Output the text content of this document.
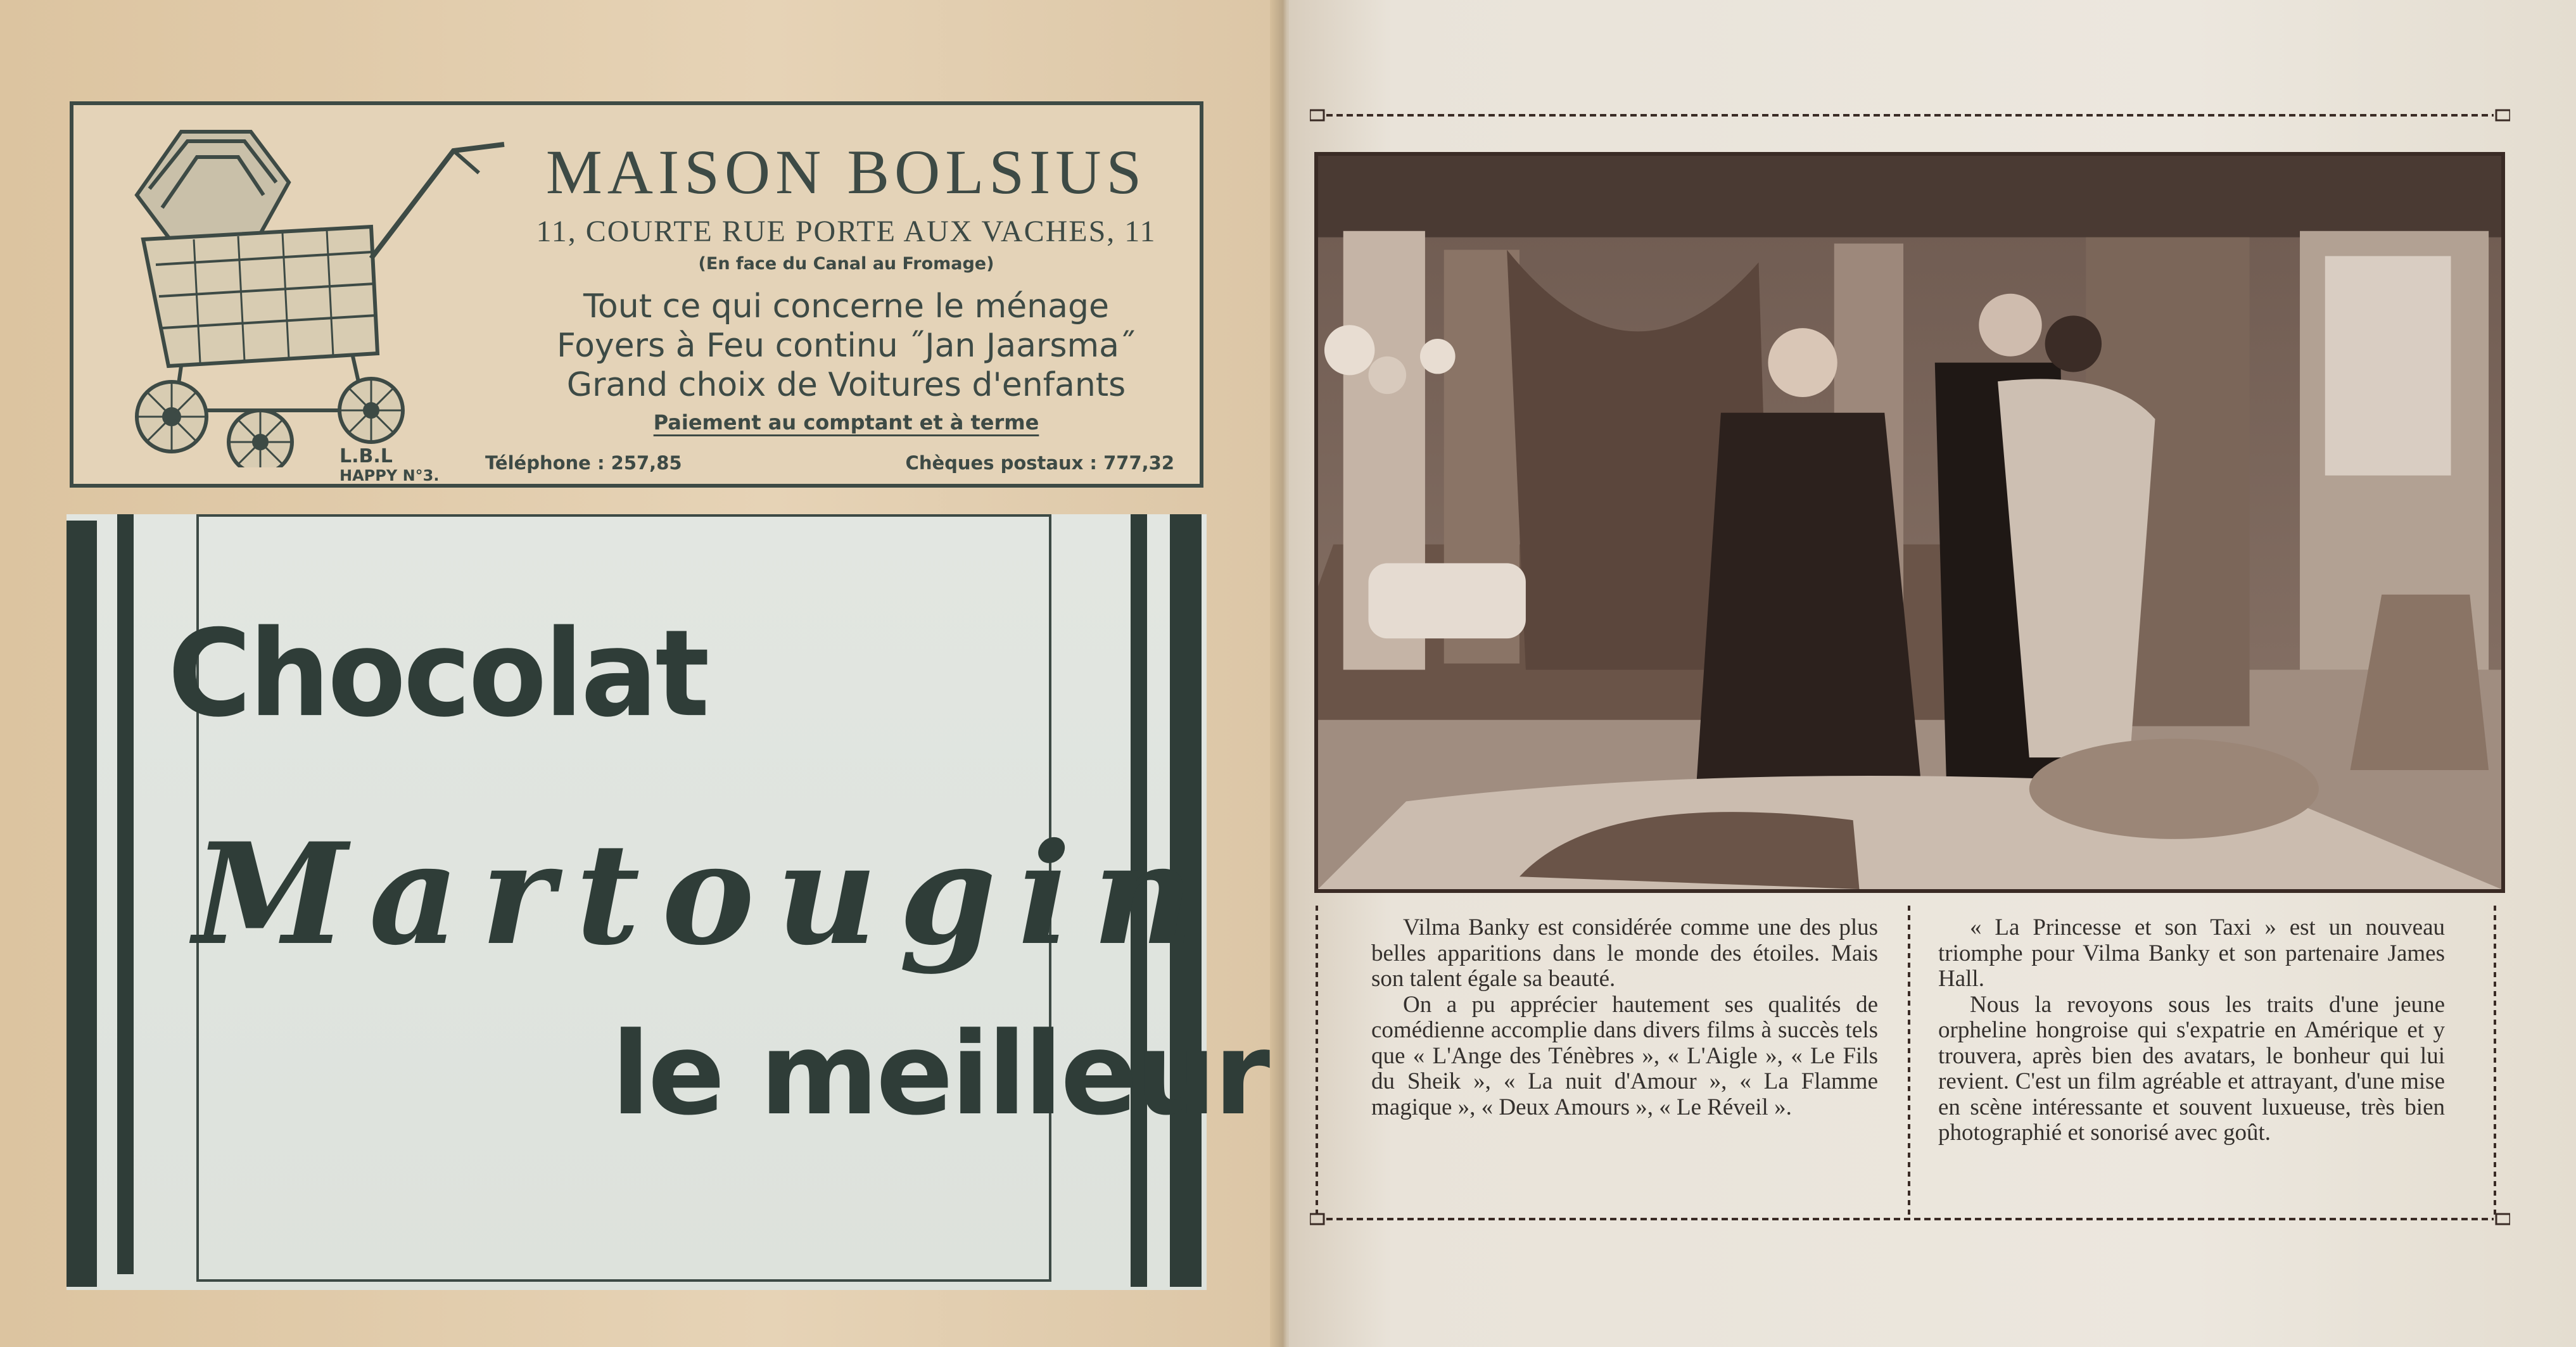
L.B.L
HAPPY N°3.
MAISON BOLSIUS
11, COURTE RUE PORTE AUX VACHES, 11
(En face du Canal au Fromage)
Tout ce qui concerne le ménage
Foyers à Feu continu ˝Jan Jaarsma˝
Grand choix de Voitures d'enfants
Paiement au comptant et à terme
Téléphone : 257,85	Chèques postaux : 777,32
Chocolat
Martougin
le meilleur

Vilma Banky est considérée comme une des plus belles apparitions dans le monde des étoiles. Mais son talent égale sa beauté.

On a pu apprécier hautement ses qualités de comédienne accomplie dans divers films à succès tels que « L'Ange des Ténèbres », « L'Aigle », « Le Fils du Sheik », « La nuit d'Amour », « La Flamme magique », « Deux Amours », « Le Réveil ».

« La Princesse et son Taxi » est un nouveau triomphe pour Vilma Banky et son partenaire James Hall.

Nous la revoyons sous les traits d'une jeune orpheline hongroise qui s'expatrie en Amérique et y trouvera, après bien des avatars, le bonheur qui lui revient. C'est un film agréable et attrayant, d'une mise en scène intéressante et souvent luxueuse, très bien photographié et sonorisé avec goût.
